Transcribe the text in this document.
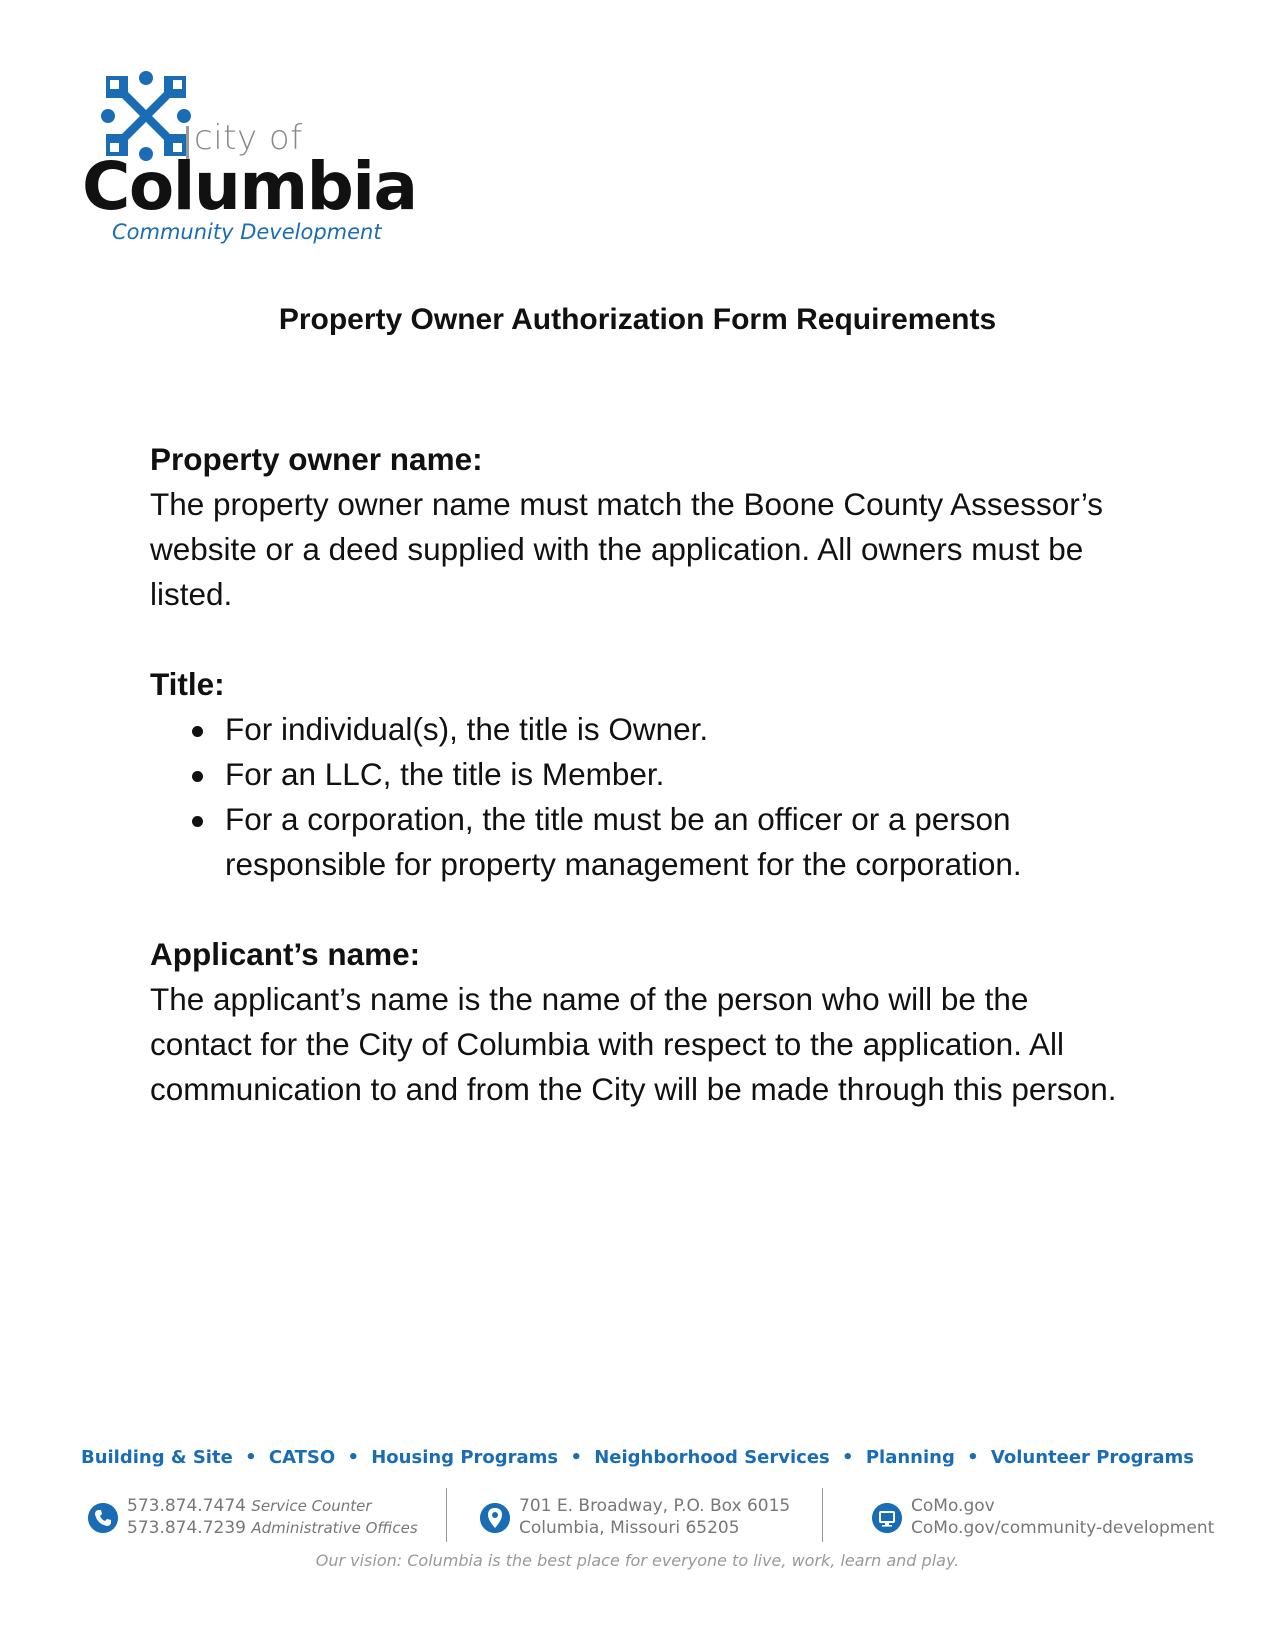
city of
Columbia
Community Development
Property Owner Authorization Form Requirements
Property owner name:

The property owner name must match the Boone County Assessor’s website or a deed supplied with the application. All owners must be listed.

Title:
For individual(s), the title is Owner.
For an LLC, the title is Member.
For a corporation, the title must be an officer or a person responsible for property management for the corporation.
Applicant’s name:

The applicant’s name is the name of the person who will be the contact for the City of Columbia with respect to the application. All communication to and from the City will be made through this person.

Building & Site • CATSO • Housing Programs • Neighborhood Services • Planning • Volunteer Programs
573.874.7474 Service Counter
573.874.7239 Administrative Offices
701 E. Broadway, P.O. Box 6015
Columbia, Missouri 65205
CoMo.gov
CoMo.gov/community-development
Our vision: Columbia is the best place for everyone to live, work, learn and play.
